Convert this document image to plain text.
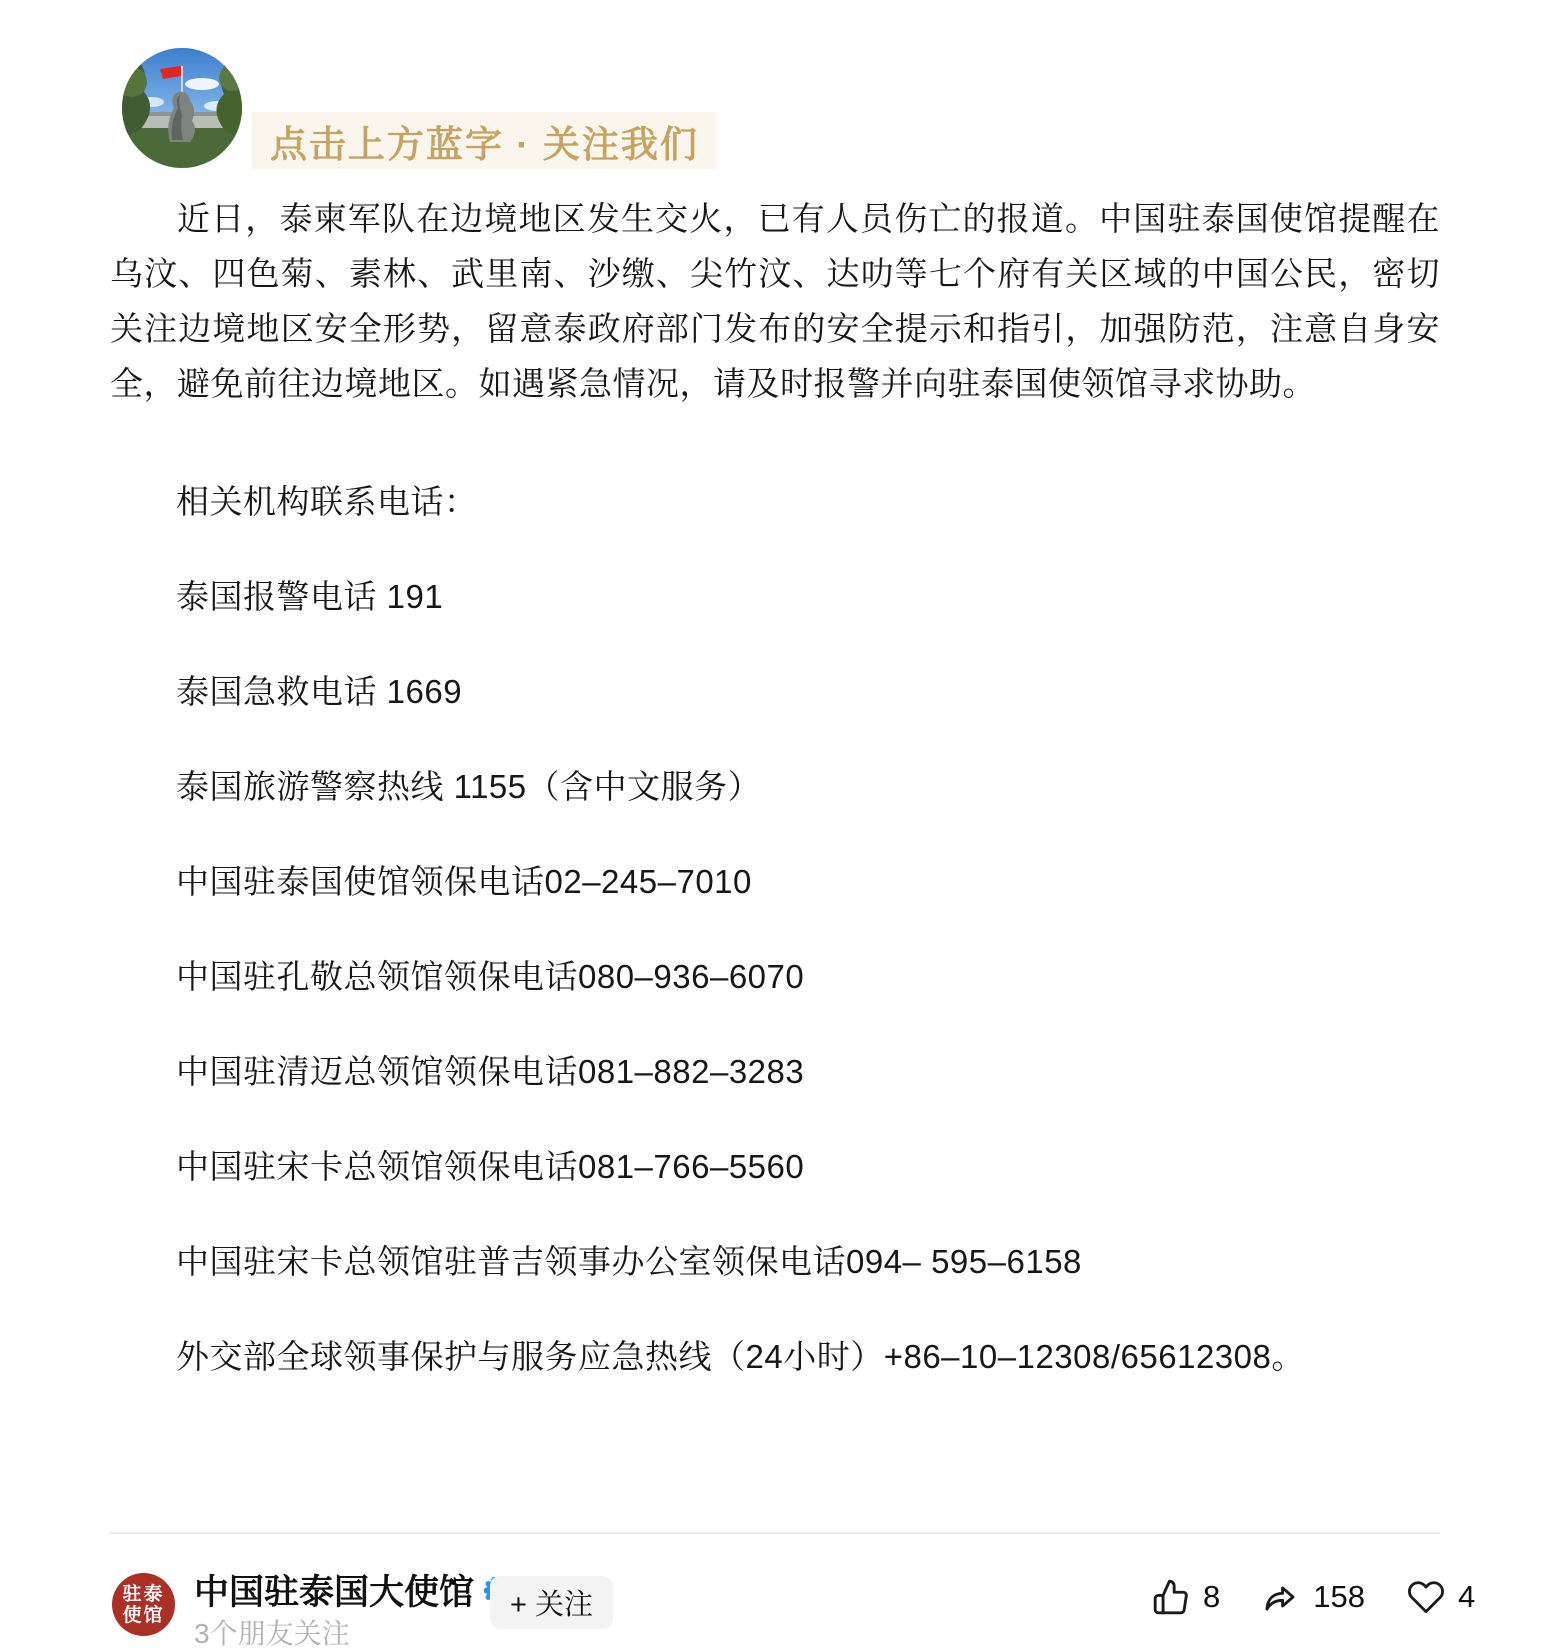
点击上方蓝字 · 关注我们

近日，泰柬军队在边境地区发生交火，已有人员伤亡的报道。中国驻泰国使馆提醒在乌汶、四色菊、素林、武里南、沙缴、尖竹汶、达叻等七个府有关区域的中国公民，密切关注边境地区安全形势，留意泰政府部门发布的安全提示和指引，加强防范，注意自身安全，避免前往边境地区。如遇紧急情况，请及时报警并向驻泰国使领馆寻求协助。

相关机构联系电话：

泰国报警电话 191

泰国急救电话 1669

泰国旅游警察热线 1155（含中文服务）

中国驻泰国使馆领保电话02–245–7010

中国驻孔敬总领馆领保电话080–936–6070

中国驻清迈总领馆领保电话081–882–3283

中国驻宋卡总领馆领保电话081–766–5560

中国驻宋卡总领馆驻普吉领事办公室领保电话094– 595–6158

外交部全球领事保护与服务应急热线（24小时）+86–10–12308/65612308。

驻泰
使馆
中国驻泰国大使馆
3个朋友关注
+ 关注	8	158	4
